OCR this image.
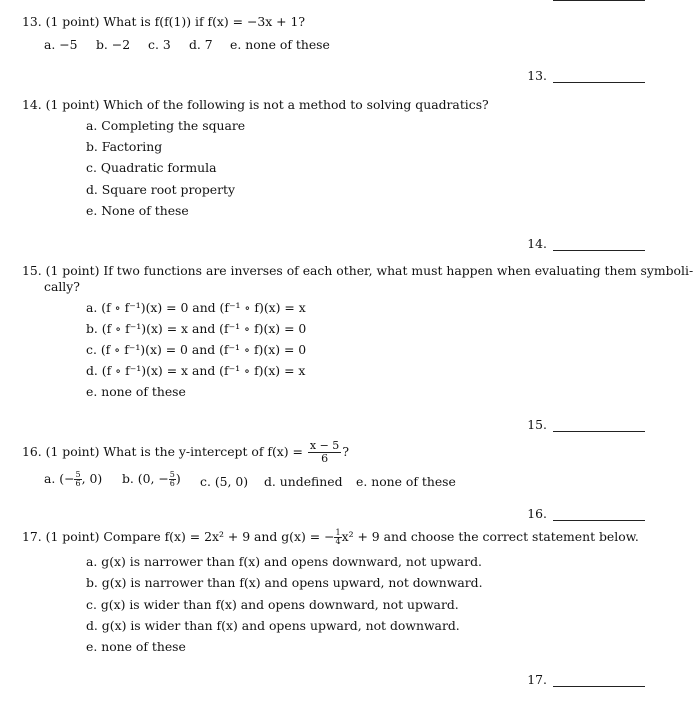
13. (1 point) What is f(f(1)) if f(x) = −3x + 1?
a. −5 b. −2 c. 3 d. 7 e. none of these
13.
14. (1 point) Which of the following is not a method to solving quadratics?
a. Completing the square
b. Factoring
c. Quadratic formula
d. Square root property
e. None of these
14.
15. (1 point) If two functions are inverses of each other, what must happen when evaluating them symboli-
cally?
a. (f ∘ f⁻¹)(x) = 0 and (f⁻¹ ∘ f)(x) = x
b. (f ∘ f⁻¹)(x) = x and (f⁻¹ ∘ f)(x) = 0
c. (f ∘ f⁻¹)(x) = 0 and (f⁻¹ ∘ f)(x) = 0
d. (f ∘ f⁻¹)(x) = x and (f⁻¹ ∘ f)(x) = x
e. none of these
15.
16. (1 point) What is the y-intercept of $f(x) = \frac{x - 5}{6}$ ?
a. (− $\frac{5}{6}$ , 0) b. (0, − $\frac{5}{6}$ ) c. (5, 0) d. undefined e. none of these
16.
17. (1 point) Compare f(x) = 2x² + 9 and g(x) = − $\frac{1}{4} x^2 + 9$ and choose the correct statement below.
a. g(x) is narrower than f(x) and opens downward, not upward.
b. g(x) is narrower than f(x) and opens upward, not downward.
c. g(x) is wider than f(x) and opens downward, not upward.
d. g(x) is wider than f(x) and opens upward, not downward.
e. none of these
17.
